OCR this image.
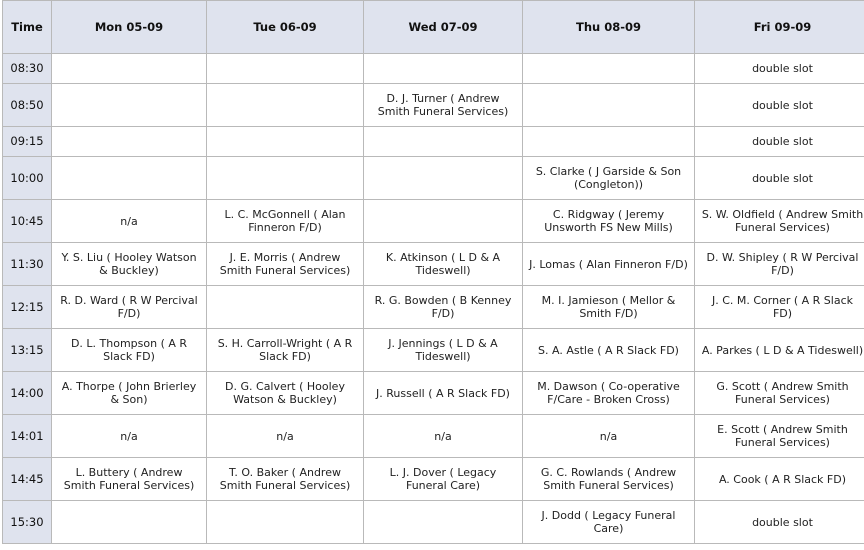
Time	Mon 05-09	Tue 06-09	Wed 07-09	Thu 08-09	Fri 09-09
08:30					double slot
08:50			D. J. Turner ( Andrew Smith Funeral Services)		double slot
09:15					double slot
10:00				S. Clarke ( J Garside & Son (Congleton))	double slot
10:45	n/a	L. C. McGonnell ( Alan Finneron F/D)		C. Ridgway ( Jeremy Unsworth FS New Mills)	S. W. Oldfield ( Andrew Smith Funeral Services)
11:30	Y. S. Liu ( Hooley Watson & Buckley)	J. E. Morris ( Andrew Smith Funeral Services)	K. Atkinson ( L D & A Tideswell)	J. Lomas ( Alan Finneron F/D)	D. W. Shipley ( R W Percival F/D)
12:15	R. D. Ward ( R W Percival F/D)		R. G. Bowden ( B Kenney F/D)	M. I. Jamieson ( Mellor & Smith F/D)	J. C. M. Corner ( A R Slack FD)
13:15	D. L. Thompson ( A R Slack FD)	S. H. Carroll-Wright ( A R Slack FD)	J. Jennings ( L D & A Tideswell)	S. A. Astle ( A R Slack FD)	A. Parkes ( L D & A Tideswell)
14:00	A. Thorpe ( John Brierley & Son)	D. G. Calvert ( Hooley Watson & Buckley)	J. Russell ( A R Slack FD)	M. Dawson ( Co-operative F/Care - Broken Cross)	G. Scott ( Andrew Smith Funeral Services)
14:01	n/a	n/a	n/a	n/a	E. Scott ( Andrew Smith Funeral Services)
14:45	L. Buttery ( Andrew Smith Funeral Services)	T. O. Baker ( Andrew Smith Funeral Services)	L. J. Dover ( Legacy Funeral Care)	G. C. Rowlands ( Andrew Smith Funeral Services)	A. Cook ( A R Slack FD)
15:30				J. Dodd ( Legacy Funeral Care)	double slot
